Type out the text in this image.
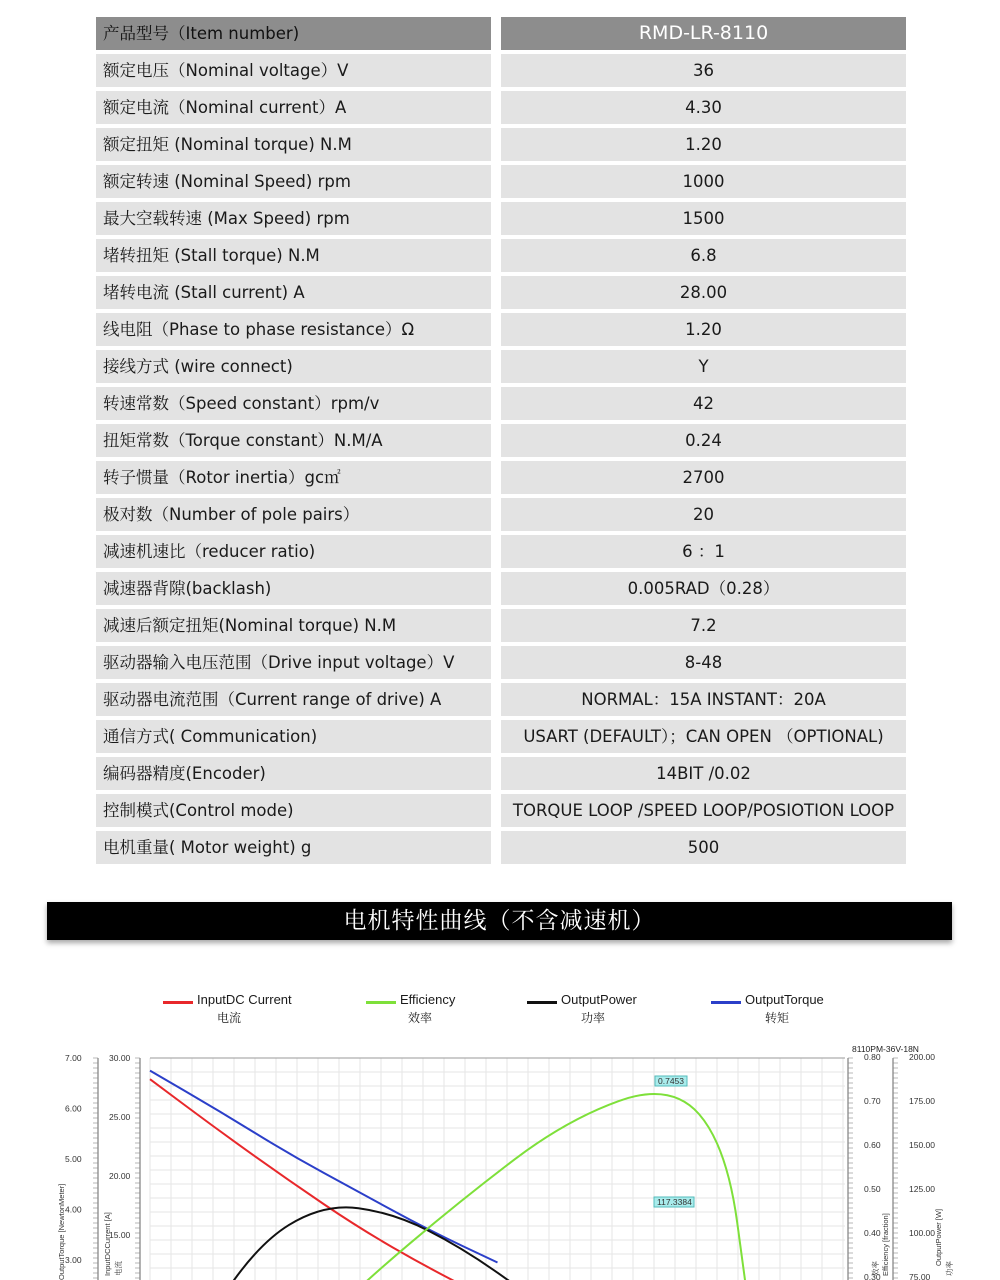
产品型号（Item number)	RMD-LR-8110
额定电压（Nominal voltage）V	36
额定电流（Nominal current）A	4.30
额定扭矩 (Nominal torque) N.M	1.20
额定转速 (Nominal Speed) rpm	1000
最大空载转速 (Max Speed) rpm	1500
堵转扭矩 (Stall torque) N.M	6.8
堵转电流 (Stall current) A	28.00
线电阻（Phase to phase resistance）Ω	1.20
接线方式 (wire connect)	Y
转速常数（Speed constant）rpm/v	42
扭矩常数（Torque constant）N.M/A	0.24
转子惯量（Rotor inertia）gc㎡	2700
极对数（Number of pole pairs）	20
减速机速比（reducer ratio)	6 ：1
减速器背隙(backlash)	0.005RAD（0.28）
减速后额定扭矩(Nominal torque) N.M	7.2
驱动器输入电压范围（Drive input voltage）V	8-48
驱动器电流范围（Current range of drive) A	NORMAL：15A INSTANT：20A
通信方式( Communication)	USART (DEFAULT）；CAN OPEN （OPTIONAL)
编码器精度(Encoder)	14BIT /0.02
控制模式(Control mode)	TORQUE LOOP /SPEED LOOP/POSIOTION LOOP
电机重量( Motor weight) g	500
电机特性曲线（不含减速机）
InputDC Current
电流
Efficiency
效率
OutputPower
功率
OutputTorque
转矩
7.00
6.00
5.00
4.00
3.00
30.00
25.00
20.00
15.00
0.80
0.70
0.60
0.50
0.40
0.30
200.00
175.00
150.00
125.00
100.00
75.00
OutputTorque [NewtonMeter]	InputDCCurrent [A] 电流	Efficiency [fraction]
效率
OutputPower [W]
功率
8110PM-36V-18N
0.7453
117.3384
